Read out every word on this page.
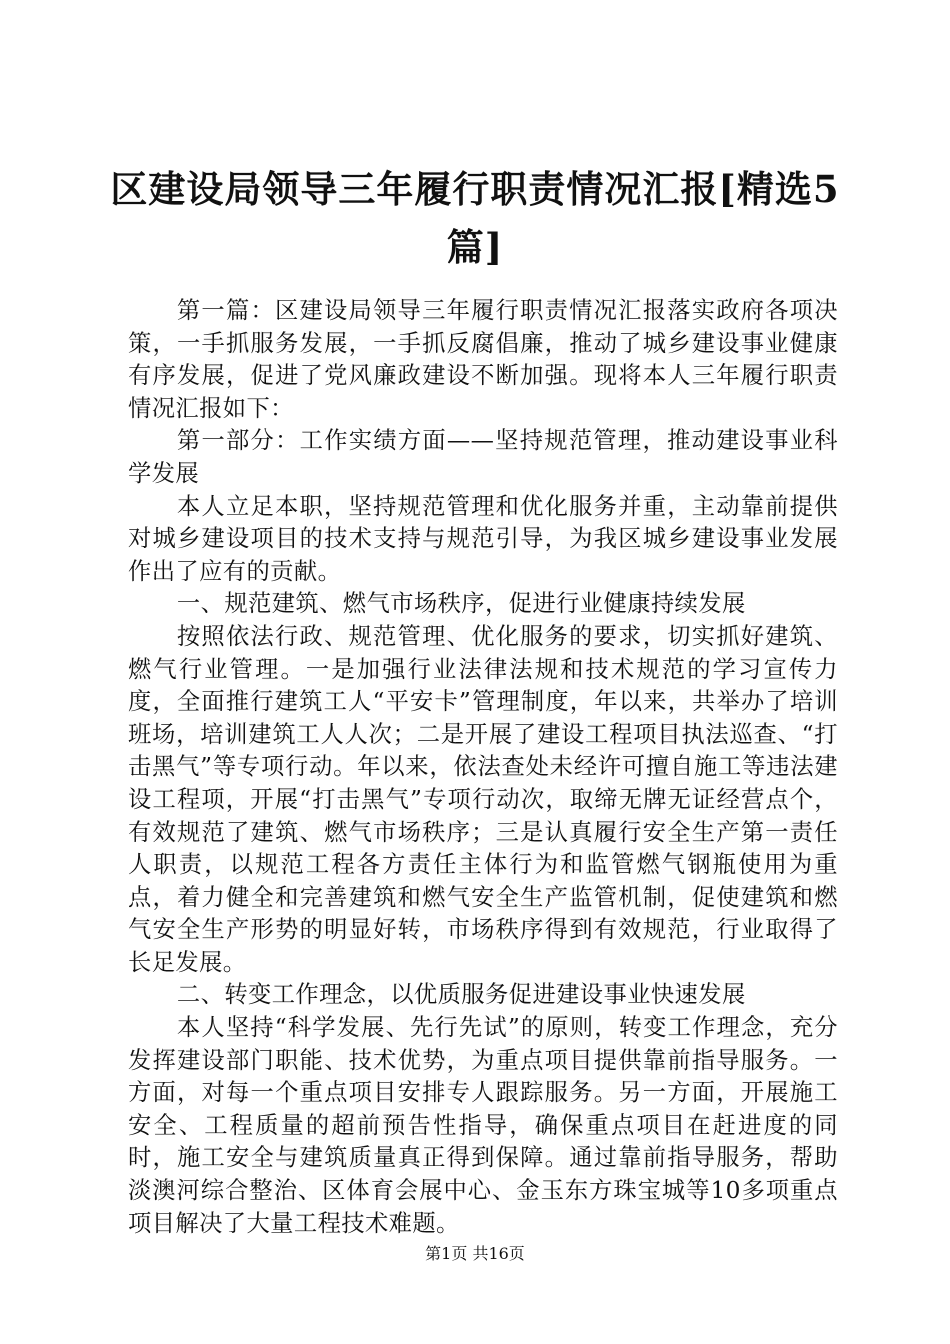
区建设局领导三年履行职责情况汇报[精选5篇]

第一篇：区建设局领导三年履行职责情况汇报落实政府各项决策，一手抓服务发展，一手抓反腐倡廉，推动了城乡建设事业健康有序发展，促进了党风廉政建设不断加强。现将本人三年履行职责情况汇报如下：

第一部分：工作实绩方面——坚持规范管理，推动建设事业科学发展

本人立足本职，坚持规范管理和优化服务并重，主动靠前提供对城乡建设项目的技术支持与规范引导，为我区城乡建设事业发展作出了应有的贡献。

一、规范建筑、燃气市场秩序，促进行业健康持续发展

按照依法行政、规范管理、优化服务的要求，切实抓好建筑、燃气行业管理。一是加强行业法律法规和技术规范的学习宣传力度，全面推行建筑工人“平安卡”管理制度，年以来，共举办了培训班场，培训建筑工人人次；二是开展了建设工程项目执法巡查、“打击黑气”等专项行动。年以来，依法查处未经许可擅自施工等违法建设工程项，开展“打击黑气”专项行动次，取缔无牌无证经营点个，有效规范了建筑、燃气市场秩序；三是认真履行安全生产第一责任人职责，以规范工程各方责任主体行为和监管燃气钢瓶使用为重点，着力健全和完善建筑和燃气安全生产监管机制，促使建筑和燃气安全生产形势的明显好转，市场秩序得到有效规范，行业取得了长足发展。

二、转变工作理念，以优质服务促进建设事业快速发展

本人坚持“科学发展、先行先试”的原则，转变工作理念，充分发挥建设部门职能、技术优势，为重点项目提供靠前指导服务。一方面，对每一个重点项目安排专人跟踪服务。另一方面，开展施工安全、工程质量的超前预告性指导，确保重点项目在赶进度的同时，施工安全与建筑质量真正得到保障。通过靠前指导服务，帮助淡澳河综合整治、区体育会展中心、金玉东方珠宝城等10多项重点项目解决了大量工程技术难题。

第1页 共16页
